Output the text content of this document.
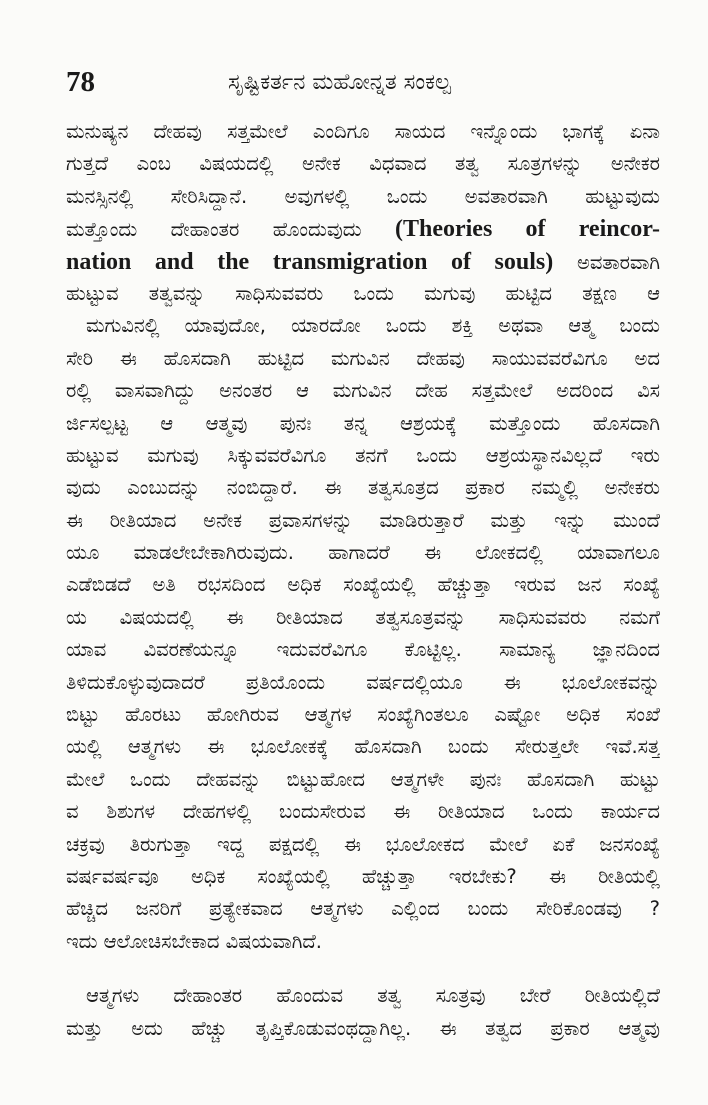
78	ಸೃಷ್ಟಿಕರ್ತನ ಮಹೋನ್ನತ ಸಂಕಲ್ಪ
ಮನುಷ್ಯನ ದೇಹವು ಸತ್ತಮೇಲೆ ಎಂದಿಗೂ ಸಾಯದ ಇನ್ನೊಂದು ಭಾಗಕ್ಕೆ ಏನಾ
ಗುತ್ತದೆ ಎಂಬ ವಿಷಯದಲ್ಲಿ ಅನೇಕ ವಿಧವಾದ ತತ್ವ ಸೂತ್ರಗಳನ್ನು ಅನೇಕರ
ಮನಸ್ಸಿನಲ್ಲಿ ಸೇರಿಸಿದ್ದಾನೆ. ಅವುಗಳಲ್ಲಿ ಒಂದು ಅವತಾರವಾಗಿ ಹುಟ್ಟುವುದು
ಮತ್ತೊಂದು ದೇಹಾಂತರ ಹೊಂದುವುದು (Theories of reincor-
nation and the transmigration of souls) ಅವತಾರವಾಗಿ
ಹುಟ್ಟುವ ತತ್ವವನ್ನು ಸಾಧಿಸುವವರು ಒಂದು ಮಗುವು ಹುಟ್ಟಿದ ತಕ್ಷಣ ಆ
ಮಗುವಿನಲ್ಲಿ ಯಾವುದೋ, ಯಾರದೋ ಒಂದು ಶಕ್ತಿ ಅಥವಾ ಆತ್ಮ ಬಂದು
ಸೇರಿ ಈ ಹೊಸದಾಗಿ ಹುಟ್ಟಿದ ಮಗುವಿನ ದೇಹವು ಸಾಯುವವರೆವಿಗೂ ಅದ
ರಲ್ಲಿ ವಾಸವಾಗಿದ್ದು ಅನಂತರ ಆ ಮಗುವಿನ ದೇಹ ಸತ್ತಮೇಲೆ ಅದರಿಂದ ವಿಸ
ರ್ಜಿಸಲ್ಪಟ್ಟ ಆ ಆತ್ಮವು ಪುನಃ ತನ್ನ ಆಶ್ರಯಕ್ಕೆ ಮತ್ತೊಂದು ಹೊಸದಾಗಿ
ಹುಟ್ಟುವ ಮಗುವು ಸಿಕ್ಕುವವರೆವಿಗೂ ತನಗೆ ಒಂದು ಆಶ್ರಯಸ್ಥಾನವಿಲ್ಲದೆ ಇರು
ವುದು ಎಂಬುದನ್ನು ನಂಬಿದ್ದಾರೆ. ಈ ತತ್ವಸೂತ್ರದ ಪ್ರಕಾರ ನಮ್ಮಲ್ಲಿ ಅನೇಕರು
ಈ ರೀತಿಯಾದ ಅನೇಕ ಪ್ರವಾಸಗಳನ್ನು ಮಾಡಿರುತ್ತಾರೆ ಮತ್ತು ಇನ್ನು ಮುಂದೆ
ಯೂ ಮಾಡಲೇಬೇಕಾಗಿರುವುದು. ಹಾಗಾದರೆ ಈ ಲೋಕದಲ್ಲಿ ಯಾವಾಗಲೂ
ಎಡೆಬಿಡದೆ ಅತಿ ರಭಸದಿಂದ ಅಧಿಕ ಸಂಖ್ಯೆಯಲ್ಲಿ ಹೆಚ್ಚುತ್ತಾ ಇರುವ ಜನ ಸಂಖ್ಯೆ
ಯ ವಿಷಯದಲ್ಲಿ ಈ ರೀತಿಯಾದ ತತ್ವಸೂತ್ರವನ್ನು ಸಾಧಿಸುವವರು ನಮಗೆ
ಯಾವ ವಿವರಣೆಯನ್ನೂ ಇದುವರೆವಿಗೂ ಕೊಟ್ಟಿಲ್ಲ. ಸಾಮಾನ್ಯ ಜ್ಞಾನದಿಂದ
ತಿಳಿದುಕೊಳ್ಳುವುದಾದರೆ ಪ್ರತಿಯೊಂದು ವರ್ಷದಲ್ಲಿಯೂ ಈ ಭೂಲೋಕವನ್ನು
ಬಿಟ್ಟು ಹೊರಟು ಹೋಗಿರುವ ಆತ್ಮಗಳ ಸಂಖ್ಯೆಗಿಂತಲೂ ಎಷ್ಟೋ ಅಧಿಕ ಸಂಖೆ
ಯಲ್ಲಿ ಆತ್ಮಗಳು ಈ ಭೂಲೋಕಕ್ಕೆ ಹೊಸದಾಗಿ ಬಂದು ಸೇರುತ್ತಲೇ ಇವೆ.ಸತ್ತ
ಮೇಲೆ ಒಂದು ದೇಹವನ್ನು ಬಿಟ್ಟುಹೋದ ಆತ್ಮಗಳೇ ಪುನಃ ಹೊಸದಾಗಿ ಹುಟ್ಟು
ವ ಶಿಶುಗಳ ದೇಹಗಳಲ್ಲಿ ಬಂದುಸೇರುವ ಈ ರೀತಿಯಾದ ಒಂದು ಕಾರ್ಯದ
ಚಕ್ರವು ತಿರುಗುತ್ತಾ ಇದ್ದ ಪಕ್ಷದಲ್ಲಿ ಈ ಭೂಲೋಕದ ಮೇಲೆ ಏಕೆ ಜನಸಂಖ್ಯೆ
ವರ್ಷವರ್ಷವೂ ಅಧಿಕ ಸಂಖ್ಯೆಯಲ್ಲಿ ಹೆಚ್ಚುತ್ತಾ ಇರಬೇಕು? ಈ ರೀತಿಯಲ್ಲಿ
ಹೆಚ್ಚಿದ ಜನರಿಗೆ ಪ್ರತ್ಯೇಕವಾದ ಆತ್ಮಗಳು ಎಲ್ಲಿಂದ ಬಂದು ಸೇರಿಕೊಂಡವು ?
ಇದು ಆಲೋಚಿಸಬೇಕಾದ ವಿಷಯವಾಗಿದೆ.
ಆತ್ಮಗಳು ದೇಹಾಂತರ ಹೊಂದುವ ತತ್ವ ಸೂತ್ರವು ಬೇರೆ ರೀತಿಯಲ್ಲಿದೆ
ಮತ್ತು ಅದು ಹೆಚ್ಚು ತೃಪ್ತಿಕೊಡುವಂಥದ್ದಾಗಿಲ್ಲ. ಈ ತತ್ವದ ಪ್ರಕಾರ ಆತ್ಮವು
